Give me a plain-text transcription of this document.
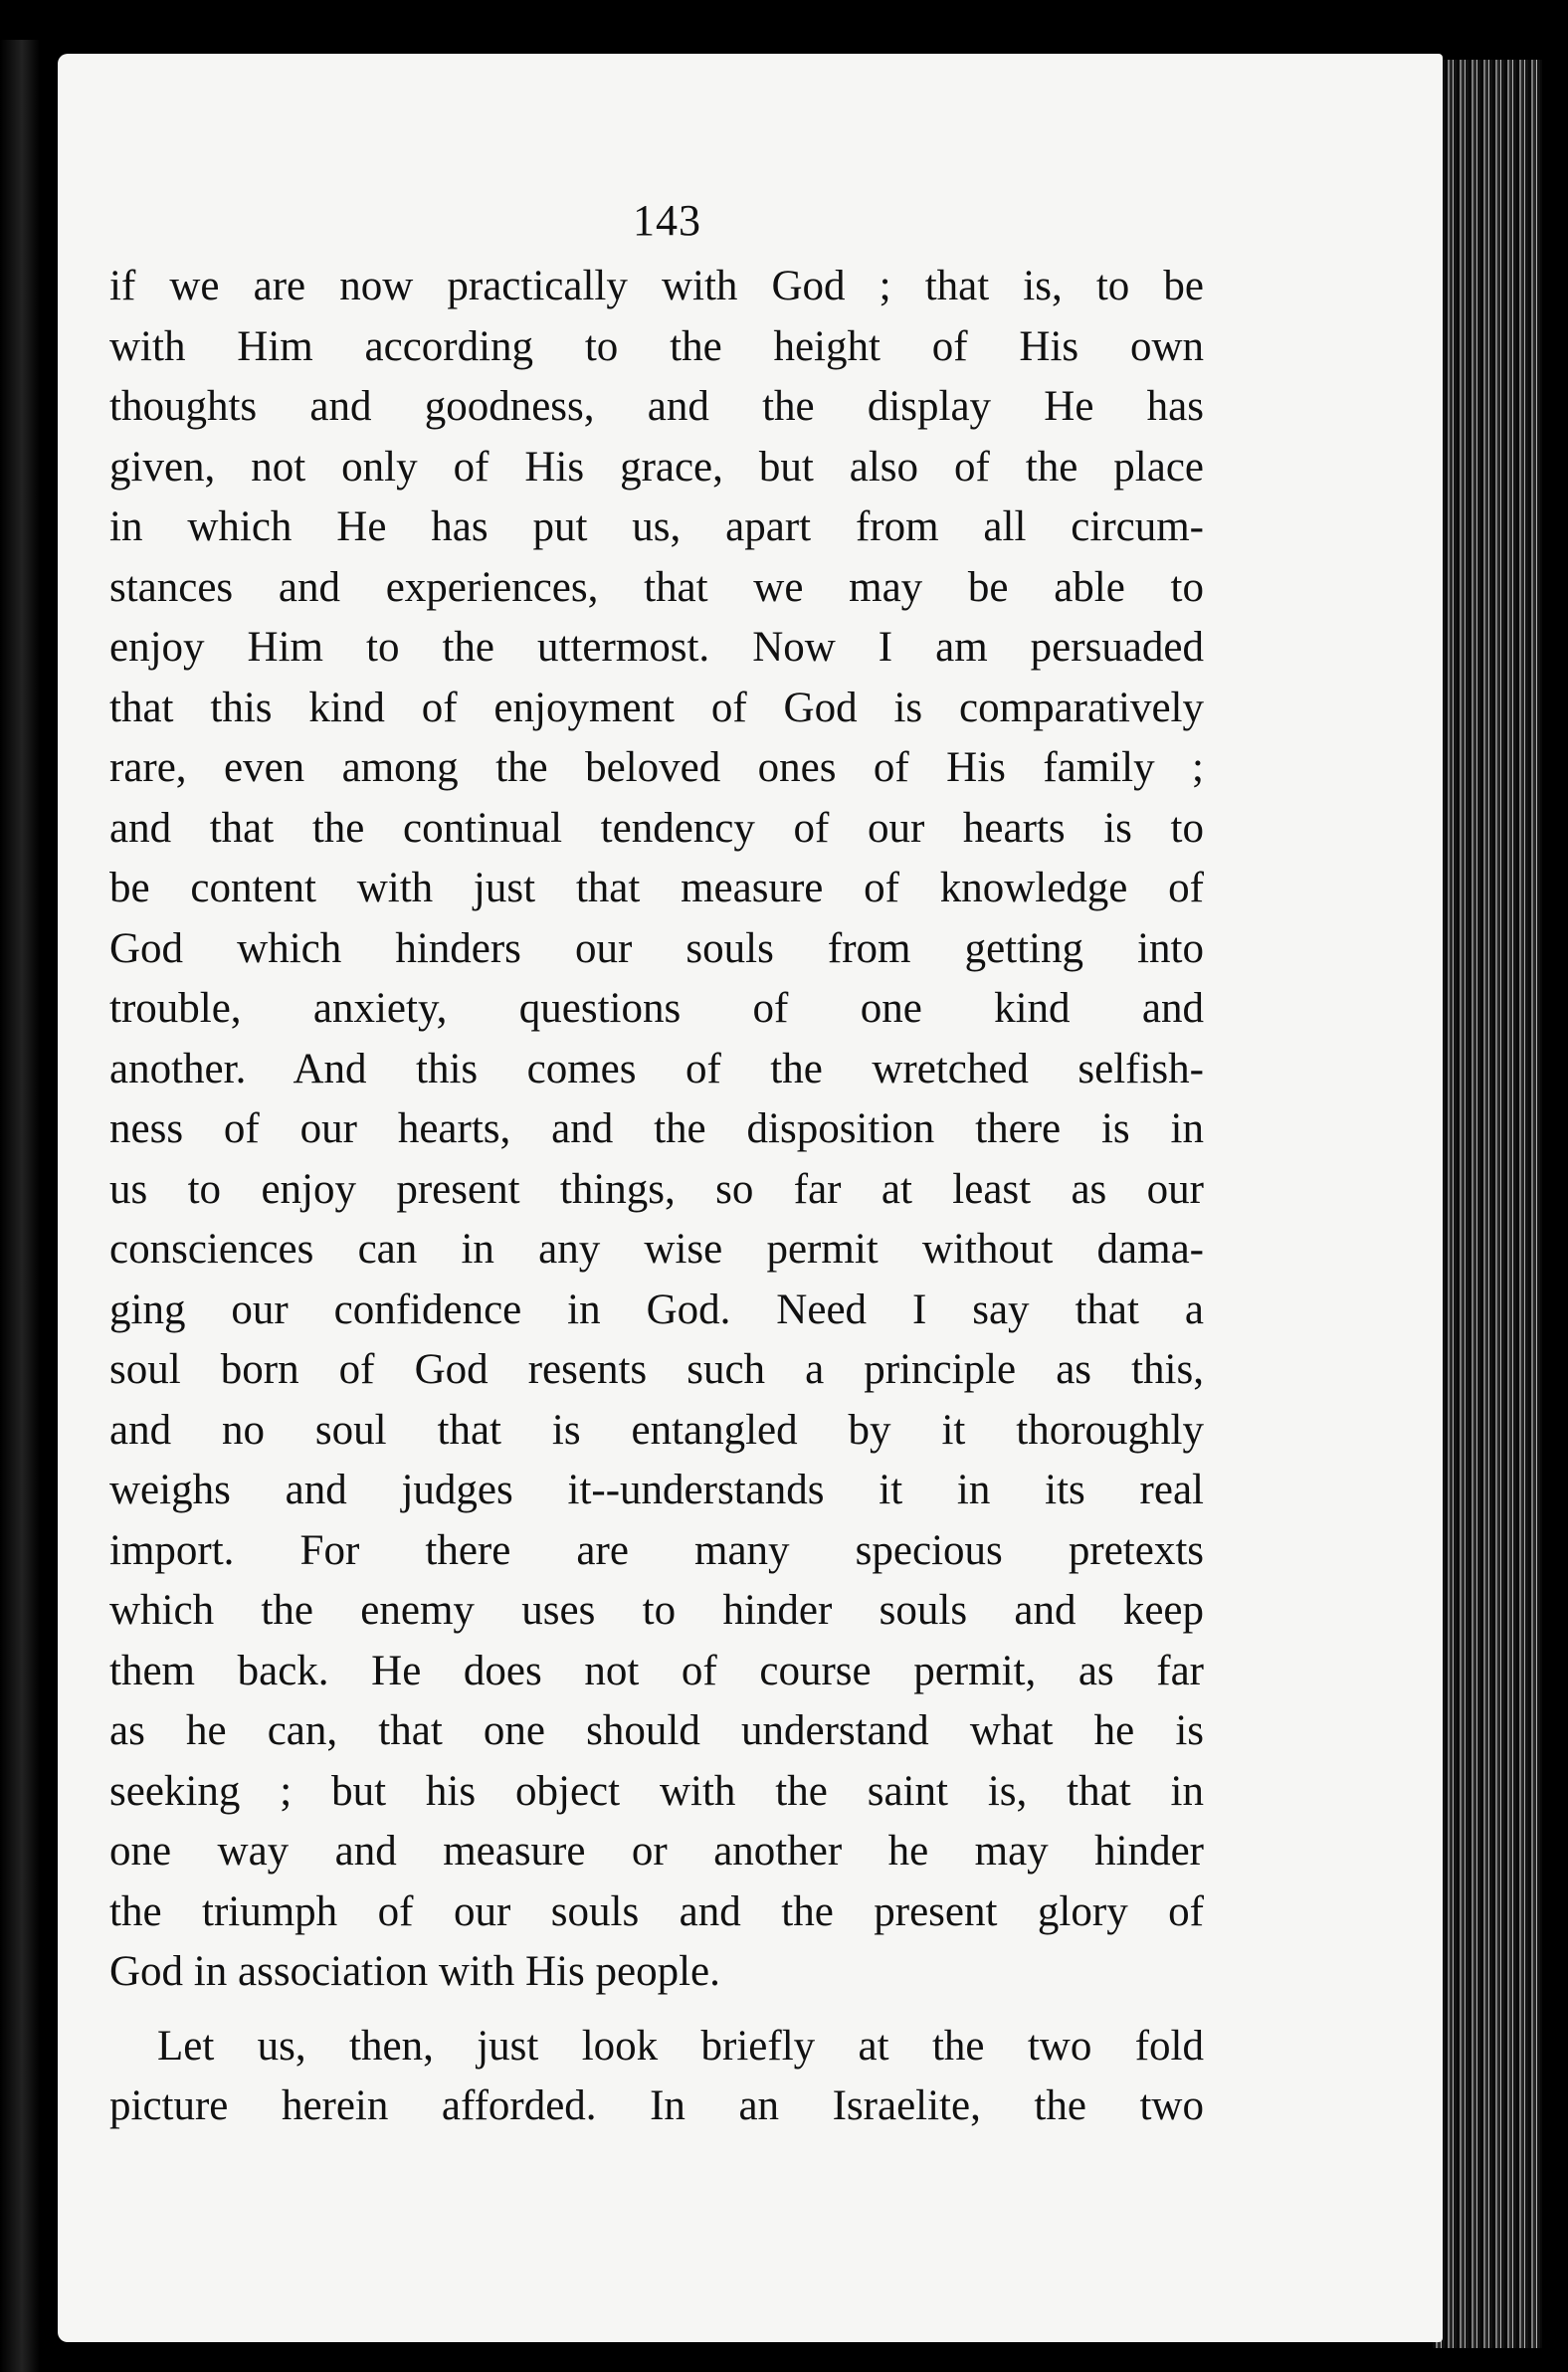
143

if we are now practically with God ; that is, to be
with Him according to the height of His own
thoughts and goodness, and the display He has
given, not only of His grace, but also of the place
in which He has put us, apart from all circum-
stances and experiences, that we may be able to
enjoy Him to the uttermost. Now I am persuaded
that this kind of enjoyment of God is comparatively
rare, even among the beloved ones of His family ;
and that the continual tendency of our hearts is to
be content with just that measure of knowledge of
God which hinders our souls from getting into
trouble, anxiety, questions of one kind and
another. And this comes of the wretched selfish-
ness of our hearts, and the disposition there is in
us to enjoy present things, so far at least as our
consciences can in any wise permit without dama-
ging our confidence in God. Need I say that a
soul born of God resents such a principle as this,
and no soul that is entangled by it thoroughly
weighs and judges it--understands it in its real
import. For there are many specious pretexts
which the enemy uses to hinder souls and keep
them back. He does not of course permit, as far
as he can, that one should understand what he is
seeking ; but his object with the saint is, that in
one way and measure or another he may hinder
the triumph of our souls and the present glory of
God in association with His people.
Let us, then, just look briefly at the two fold
picture herein afforded. In an Israelite, the two
